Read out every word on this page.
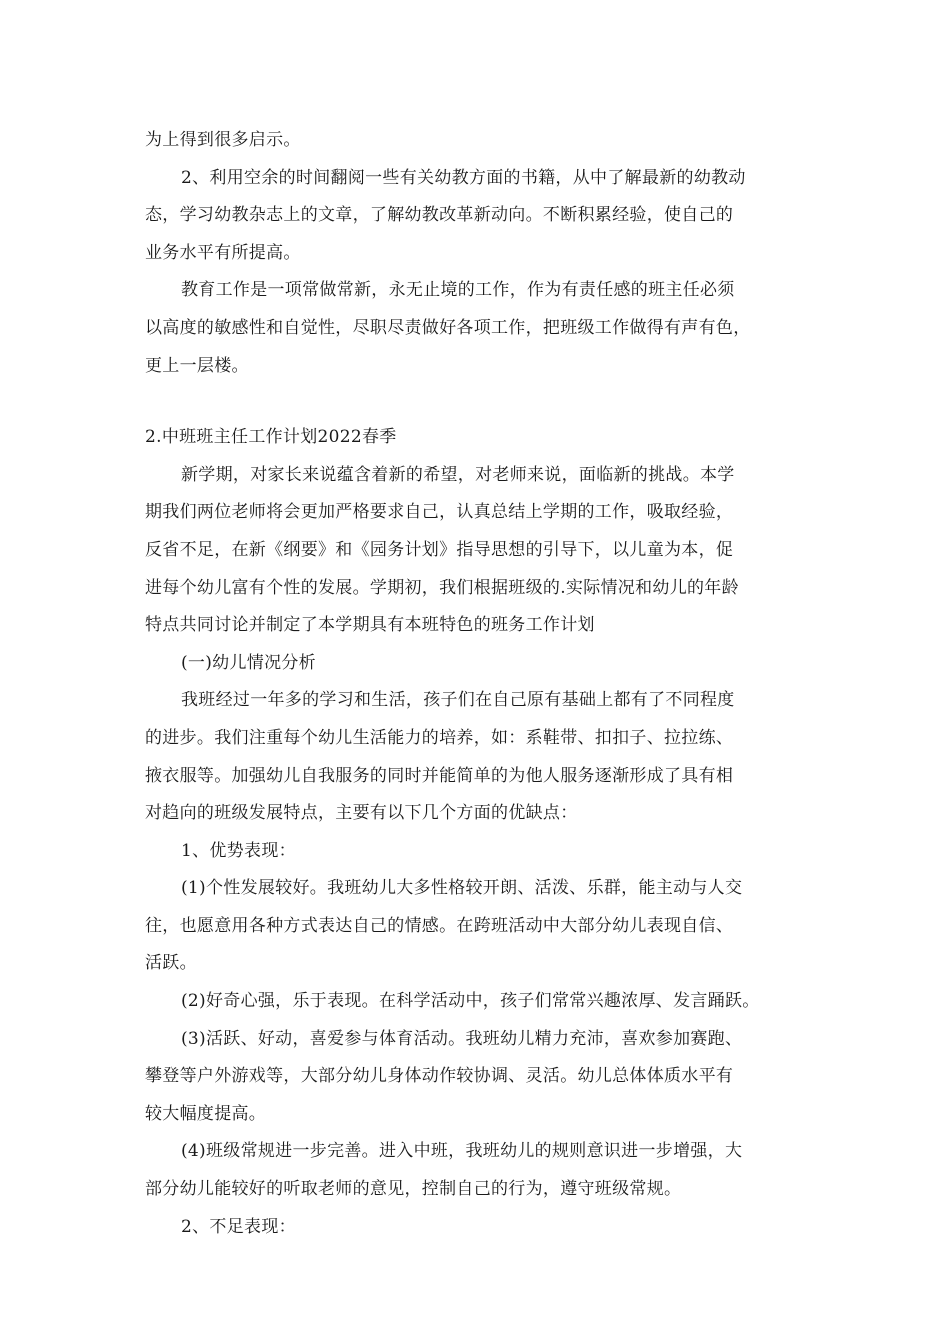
为上得到很多启示。
2、利用空余的时间翻阅一些有关幼教方面的书籍，从中了解最新的幼教动
态，学习幼教杂志上的文章，了解幼教改革新动向。不断积累经验，使自己的
业务水平有所提高。
教育工作是一项常做常新，永无止境的工作，作为有责任感的班主任必须
以高度的敏感性和自觉性，尽职尽责做好各项工作，把班级工作做得有声有色，
更上一层楼。
2.中班班主任工作计划2022春季
新学期，对家长来说蕴含着新的希望，对老师来说，面临新的挑战。本学
期我们两位老师将会更加严格要求自己，认真总结上学期的工作，吸取经验，
反省不足，在新《纲要》和《园务计划》指导思想的引导下，以儿童为本，促
进每个幼儿富有个性的发展。学期初，我们根据班级的.实际情况和幼儿的年龄
特点共同讨论并制定了本学期具有本班特色的班务工作计划
(一)幼儿情况分析
我班经过一年多的学习和生活，孩子们在自己原有基础上都有了不同程度
的进步。我们注重每个幼儿生活能力的培养，如：系鞋带、扣扣子、拉拉练、
掖衣服等。加强幼儿自我服务的同时并能简单的为他人服务逐渐形成了具有相
对趋向的班级发展特点，主要有以下几个方面的优缺点：
1、优势表现：
(1)个性发展较好。我班幼儿大多性格较开朗、活泼、乐群，能主动与人交
往，也愿意用各种方式表达自己的情感。在跨班活动中大部分幼儿表现自信、
活跃。
(2)好奇心强，乐于表现。在科学活动中，孩子们常常兴趣浓厚、发言踊跃。
(3)活跃、好动，喜爱参与体育活动。我班幼儿精力充沛，喜欢参加赛跑、
攀登等户外游戏等，大部分幼儿身体动作较协调、灵活。幼儿总体体质水平有
较大幅度提高。
(4)班级常规进一步完善。进入中班，我班幼儿的规则意识进一步增强，大
部分幼儿能较好的听取老师的意见，控制自己的行为，遵守班级常规。
2、不足表现：
